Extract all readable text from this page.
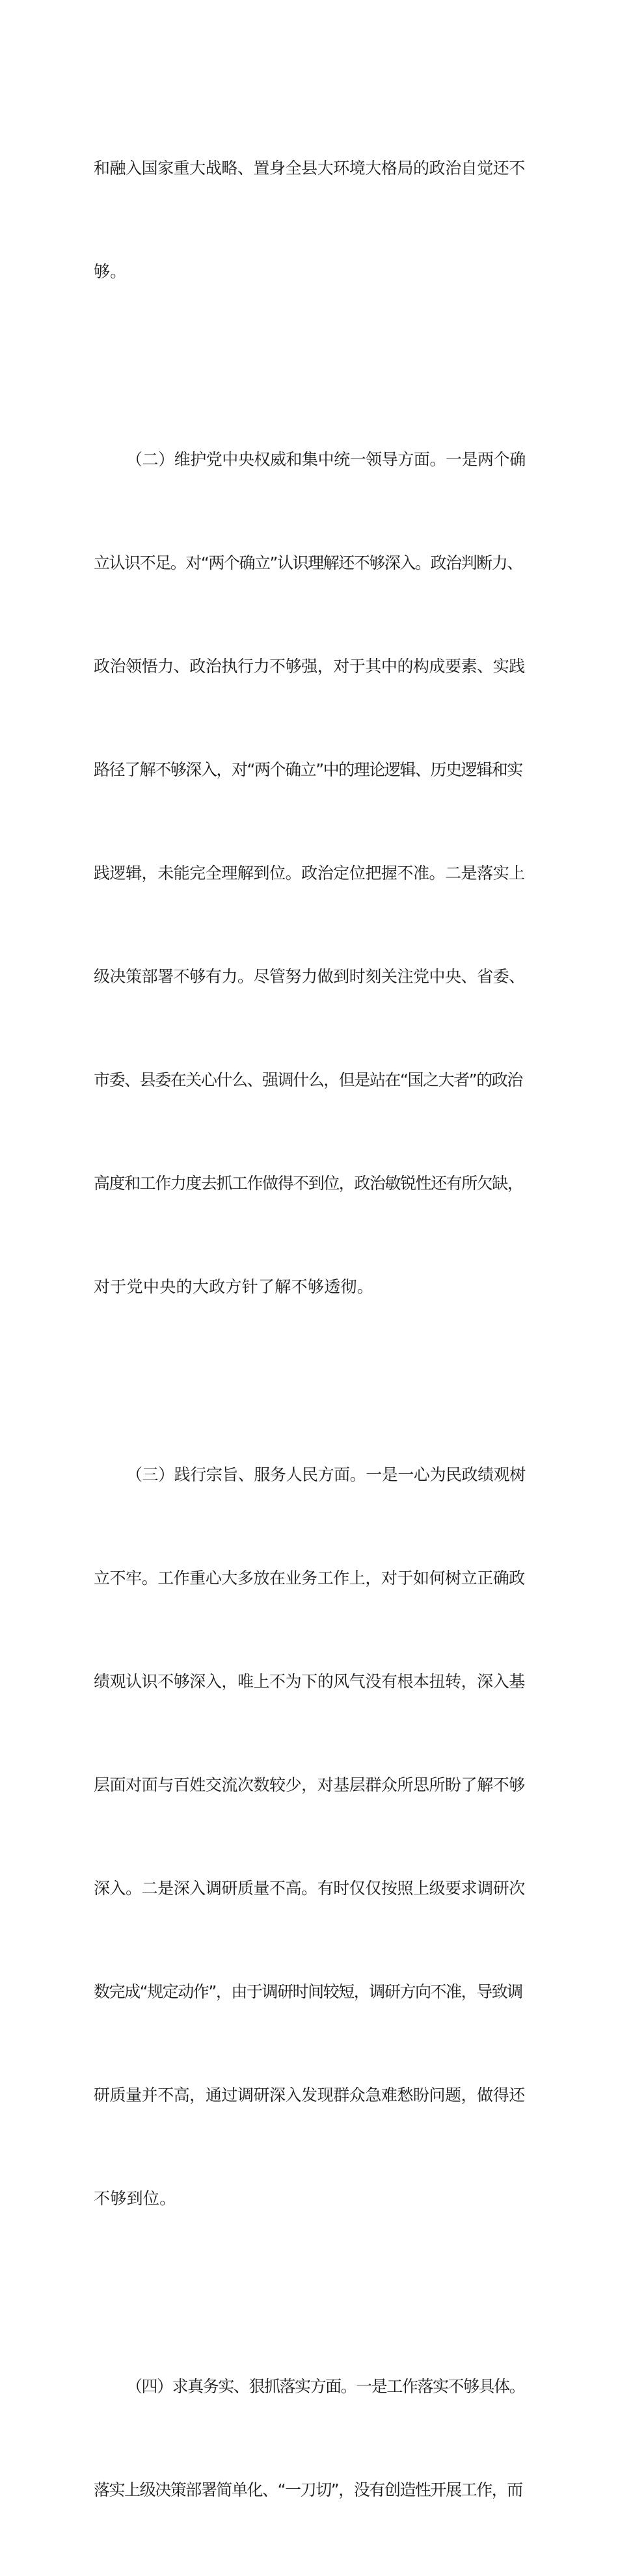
和融入国家重大战略、置身全县大环境大格局的政治自觉还不

够。

（二）维护党中央权威和集中统一领导方面。一是两个确

立认识不足。对“两个确立”认识理解还不够深入。政治判断力、

政治领悟力、政治执行力不够强，对于其中的构成要素、实践

路径了解不够深入，对“两个确立”中的理论逻辑、历史逻辑和实

践逻辑，未能完全理解到位。政治定位把握不准。二是落实上

级决策部署不够有力。尽管努力做到时刻关注党中央、省委、

市委、县委在关心什么、强调什么，但是站在“国之大者”的政治

高度和工作力度去抓工作做得不到位，政治敏锐性还有所欠缺，

对于党中央的大政方针了解不够透彻。

（三）践行宗旨、服务人民方面。一是一心为民政绩观树

立不牢。工作重心大多放在业务工作上，对于如何树立正确政

绩观认识不够深入，唯上不为下的风气没有根本扭转，深入基

层面对面与百姓交流次数较少，对基层群众所思所盼了解不够

深入。二是深入调研质量不高。有时仅仅按照上级要求调研次

数完成“规定动作”，由于调研时间较短，调研方向不准，导致调

研质量并不高，通过调研深入发现群众急难愁盼问题，做得还

不够到位。

（四）求真务实、狠抓落实方面。一是工作落实不够具体。

落实上级决策部署简单化、“一刀切”，没有创造性开展工作，而
